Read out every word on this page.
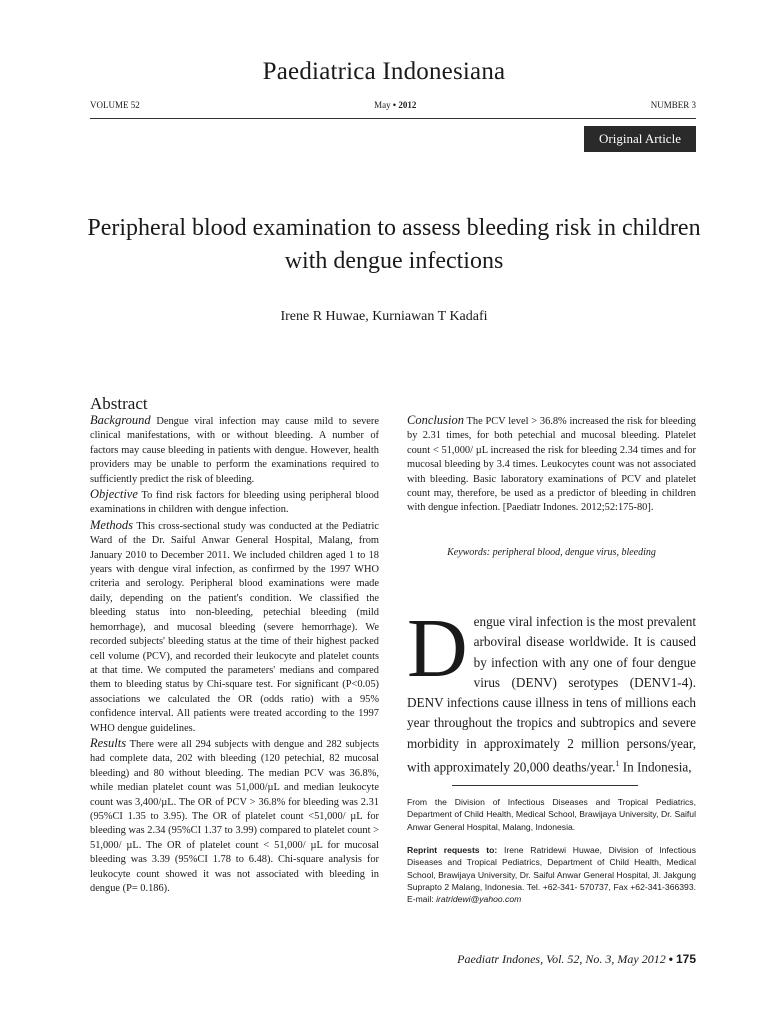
Paediatrica Indonesiana
VOLUME 52	May • 2012	NUMBER 3
Original Article
Peripheral blood examination to assess bleeding risk in children with dengue infections
Irene R Huwae, Kurniawan T Kadafi
Abstract

Background Dengue viral infection may cause mild to severe clinical manifestations, with or without bleeding. A number of factors may cause bleeding in patients with dengue. However, health providers may be unable to perform the examinations required to sufficiently predict the risk of bleeding.

Objective To find risk factors for bleeding using peripheral blood examinations in children with dengue infection.

Methods This cross-sectional study was conducted at the Pediatric Ward of the Dr. Saiful Anwar General Hospital, Malang, from January 2010 to December 2011. We included children aged 1 to 18 years with dengue viral infection, as confirmed by the 1997 WHO criteria and serology. Peripheral blood examinations were made daily, depending on the patient's condition. We classified the bleeding status into non-bleeding, petechial bleeding (mild hemorrhage), and mucosal bleeding (severe hemorrhage). We recorded subjects' bleeding status at the time of their highest packed cell volume (PCV), and recorded their leukocyte and platelet counts at that time. We computed the parameters' medians and compared them to bleeding status by Chi-square test. For significant (P<0.05) associations we calculated the OR (odds ratio) with a 95% confidence interval. All patients were treated according to the 1997 WHO dengue guidelines.

Results There were all 294 subjects with dengue and 282 subjects had complete data, 202 with bleeding (120 petechial, 82 mucosal bleeding) and 80 without bleeding. The median PCV was 36.8%, while median platelet count was 51,000/µL and median leukocyte count was 3,400/µL. The OR of PCV > 36.8% for bleeding was 2.31 (95%CI 1.35 to 3.95). The OR of platelet count <51,000/ µL for bleeding was 2.34 (95%CI 1.37 to 3.99) compared to platelet count > 51,000/ µL. The OR of platelet count < 51,000/ µL for mucosal bleeding was 3.39 (95%CI 1.78 to 6.48). Chi-square analysis for leukocyte count showed it was not associated with bleeding in dengue (P= 0.186).

Conclusion The PCV level > 36.8% increased the risk for bleeding by 2.31 times, for both petechial and mucosal bleeding. Platelet count < 51,000/ µL increased the risk for bleeding 2.34 times and for mucosal bleeding by 3.4 times. Leukocytes count was not associated with bleeding. Basic laboratory examinations of PCV and platelet count may, therefore, be used as a predictor of bleeding in children with dengue infection. [Paediatr Indones. 2012;52:175-80].

Keywords: peripheral blood, dengue virus, bleeding
Dengue viral infection is the most prevalent arboviral disease worldwide. It is caused by infection with any one of four dengue virus (DENV) serotypes (DENV1-4). DENV infections cause illness in tens of millions each year throughout the tropics and subtropics and severe morbidity in approximately 2 million persons/year, with approximately 20,000 deaths/year.$^1$ In Indonesia,
From the Division of Infectious Diseases and Tropical Pediatrics, Department of Child Health, Medical School, Brawijaya University, Dr. Saiful Anwar General Hospital, Malang, Indonesia.
Reprint requests to: Irene Ratridewi Huwae, Division of Infectious Diseases and Tropical Pediatrics, Department of Child Health, Medical School, Brawijaya University, Dr. Saiful Anwar General Hospital, Jl. Jakgung Suprapto 2 Malang, Indonesia. Tel. +62-341- 570737, Fax +62-341-366393. E-mail: iratridewi@yahoo.com
Paediatr Indones, Vol. 52, No. 3, May 2012 • 175
